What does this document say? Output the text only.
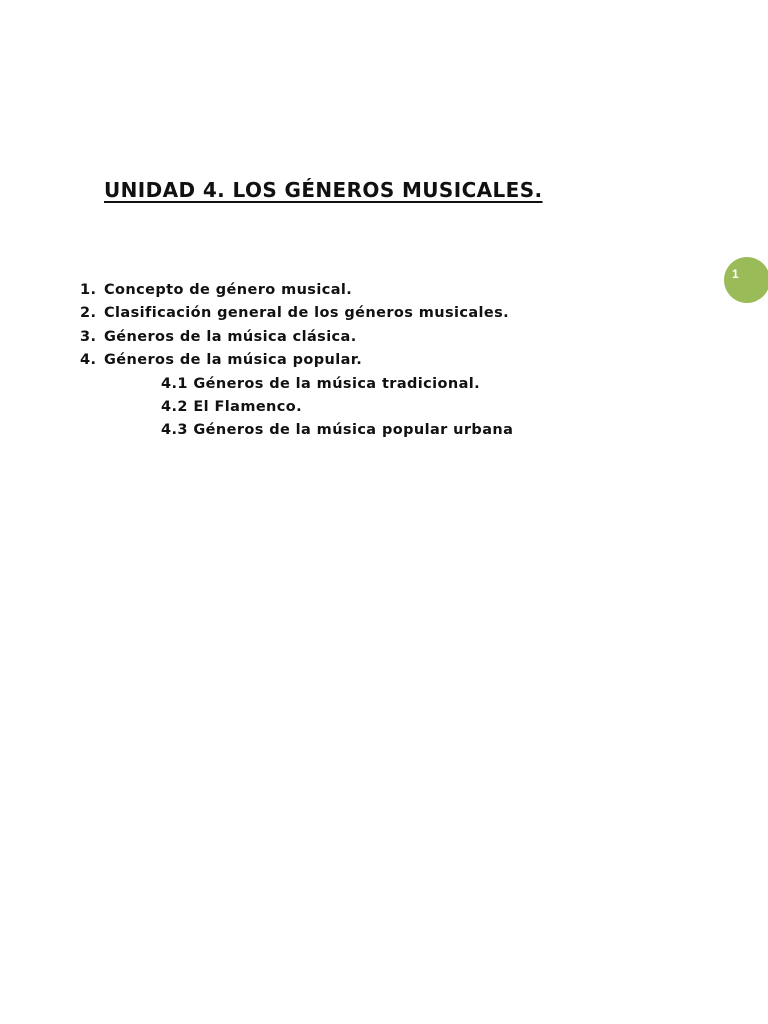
UNIDAD 4. LOS GÉNEROS MUSICALES.
1
1. Concepto de género musical.
2. Clasificación general de los géneros musicales.
3. Géneros de la música clásica.
4. Géneros de la música popular.
4.1 Géneros de la música tradicional.
4.2 El Flamenco.
4.3 Géneros de la música popular urbana
